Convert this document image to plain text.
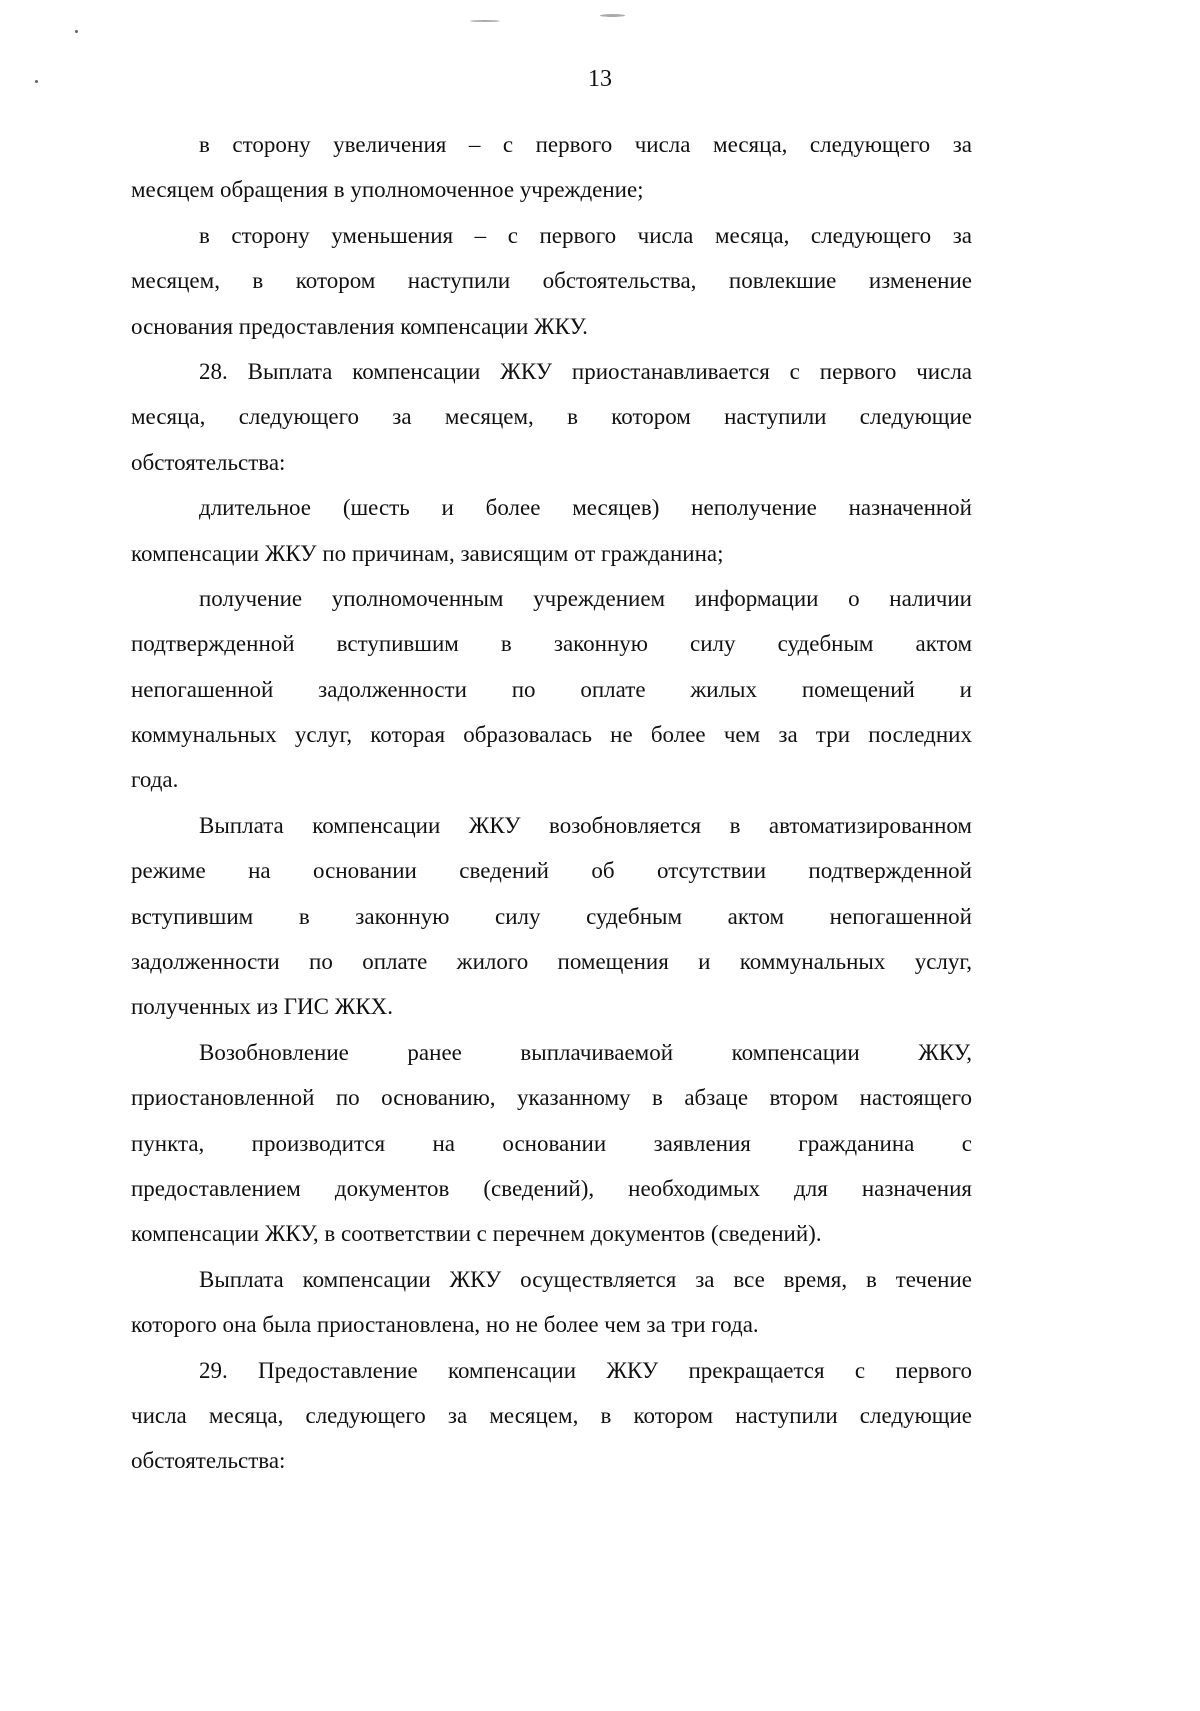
13
в сторону увеличения – с первого числа месяца, следующего за
месяцем обращения в уполномоченное учреждение;
в сторону уменьшения – с первого числа месяца, следующего за
месяцем, в котором наступили обстоятельства, повлекшие изменение
основания предоставления компенсации ЖКУ.
28. Выплата компенсации ЖКУ приостанавливается с первого числа
месяца, следующего за месяцем, в котором наступили следующие
обстоятельства:
длительное (шесть и более месяцев) неполучение назначенной
компенсации ЖКУ по причинам, зависящим от гражданина;
получение уполномоченным учреждением информации о наличии
подтвержденной вступившим в законную силу судебным актом
непогашенной задолженности по оплате жилых помещений и
коммунальных услуг, которая образовалась не более чем за три последних
года.
Выплата компенсации ЖКУ возобновляется в автоматизированном
режиме на основании сведений об отсутствии подтвержденной
вступившим в законную силу судебным актом непогашенной
задолженности по оплате жилого помещения и коммунальных услуг,
полученных из ГИС ЖКХ.
Возобновление ранее выплачиваемой компенсации ЖКУ,
приостановленной по основанию, указанному в абзаце втором настоящего
пункта, производится на основании заявления гражданина с
предоставлением документов (сведений), необходимых для назначения
компенсации ЖКУ, в соответствии с перечнем документов (сведений).
Выплата компенсации ЖКУ осуществляется за все время, в течение
которого она была приостановлена, но не более чем за три года.
29. Предоставление компенсации ЖКУ прекращается с первого
числа месяца, следующего за месяцем, в котором наступили следующие
обстоятельства:
